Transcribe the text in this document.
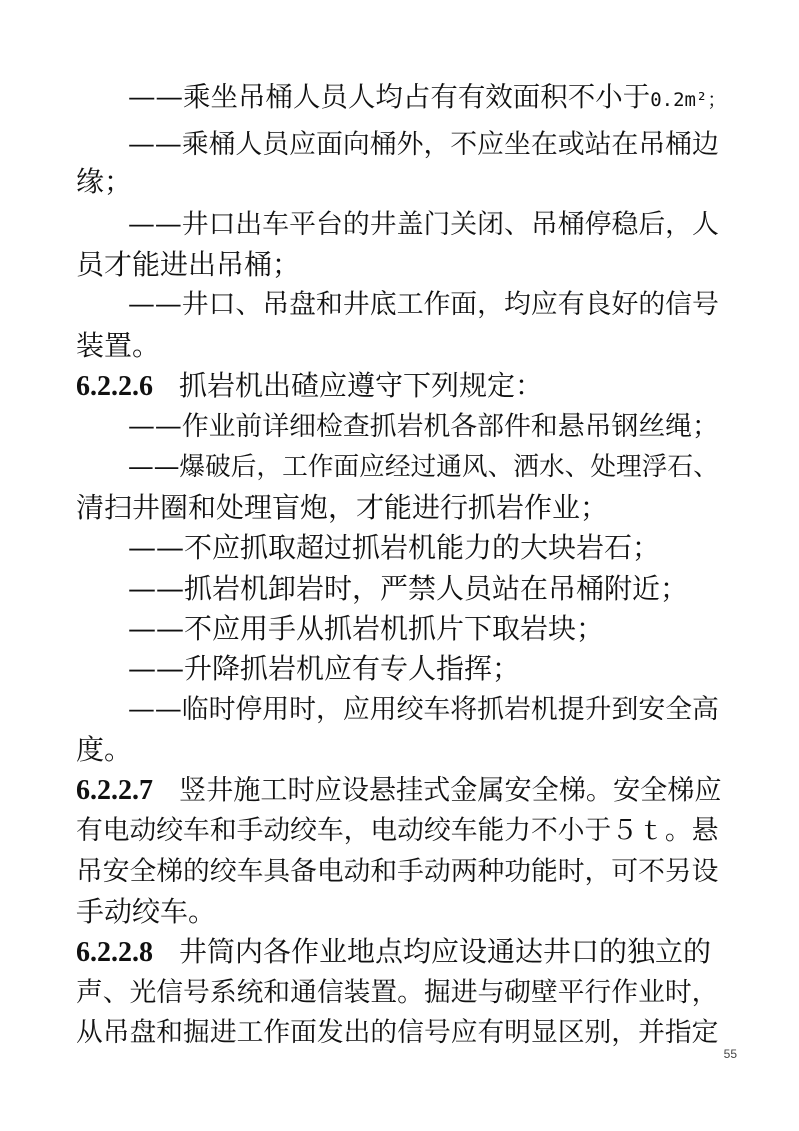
——乘坐吊桶人员人均占有有效面积不小于0.2m²；
——乘桶人员应面向桶外，不应坐在或站在吊桶边
缘；
——井口出车平台的井盖门关闭、吊桶停稳后，人
员才能进出吊桶；
——井口、吊盘和井底工作面，均应有良好的信号
装置。
6.2.2.6 抓岩机出碴应遵守下列规定：
——作业前详细检查抓岩机各部件和悬吊钢丝绳；
——爆破后，工作面应经过通风、洒水、处理浮石、
清扫井圈和处理盲炮，才能进行抓岩作业；
——不应抓取超过抓岩机能力的大块岩石；
——抓岩机卸岩时，严禁人员站在吊桶附近；
——不应用手从抓岩机抓片下取岩块；
——升降抓岩机应有专人指挥；
——临时停用时，应用绞车将抓岩机提升到安全高
度。
6.2.2.7 竖井施工时应设悬挂式金属安全梯。安全梯应
有电动绞车和手动绞车，电动绞车能力不小于５ｔ。悬
吊安全梯的绞车具备电动和手动两种功能时，可不另设
手动绞车。
6.2.2.8 井筒内各作业地点均应设通达井口的独立的
声、光信号系统和通信装置。掘进与砌壁平行作业时，
从吊盘和掘进工作面发出的信号应有明显区别，并指定
55
